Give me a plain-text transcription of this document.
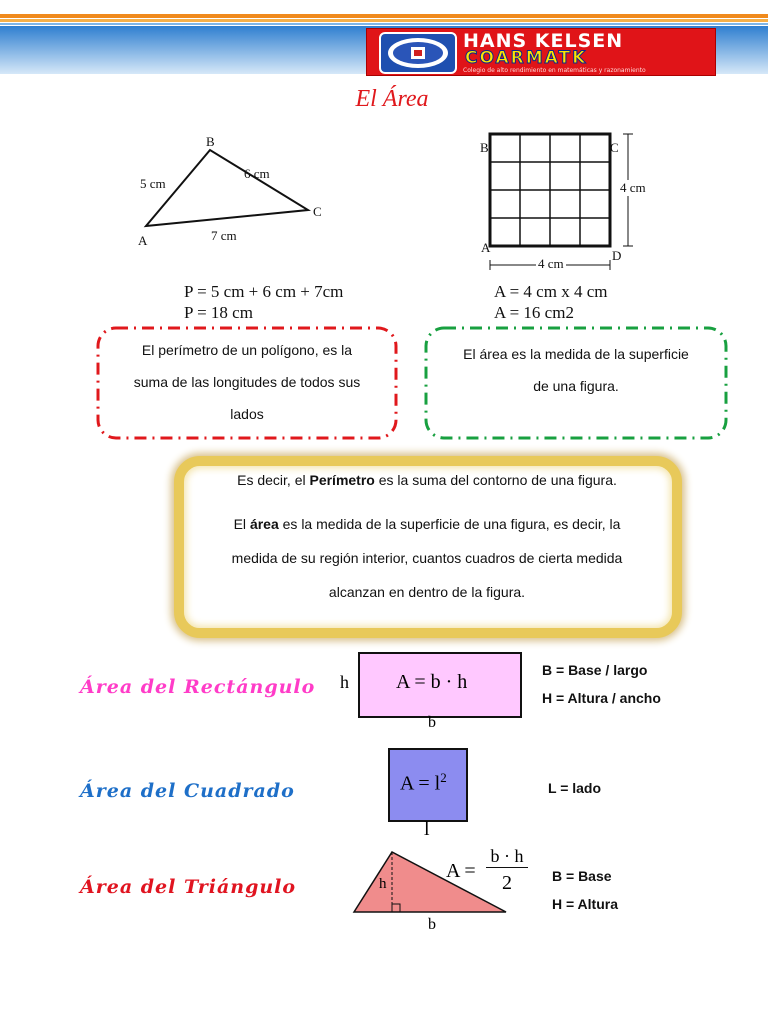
HANS KELSEN
COARMATK
Colegio de alto rendimiento en matemáticas y razonamiento
El Área
B
A
C
5 cm
6 cm
7 cm
P = 5 cm + 6 cm + 7cm
P = 18 cm
B	C
A
D
4 cm
4 cm
A = 4 cm x 4 cm
A = 16 cm2
El perímetro de un polígono, es la
suma de las longitudes de todos sus
lados
El área es la medida de la superficie
de una figura.
Es decir, el Perímetro es la suma del contorno de una figura.
El área es la medida de la superficie de una figura, es decir, la
medida de su región interior, cuantos cuadros de cierta medida
alcanzan en dentro de la figura.
Área del Rectángulo	A = b · h
h
b
B = Base / largo
H = Altura / ancho
Área del Cuadrado	$A = l^2$
l
L = lado
Área del Triángulo	h
b
A =
b · h
2	B = Base
H = Altura
